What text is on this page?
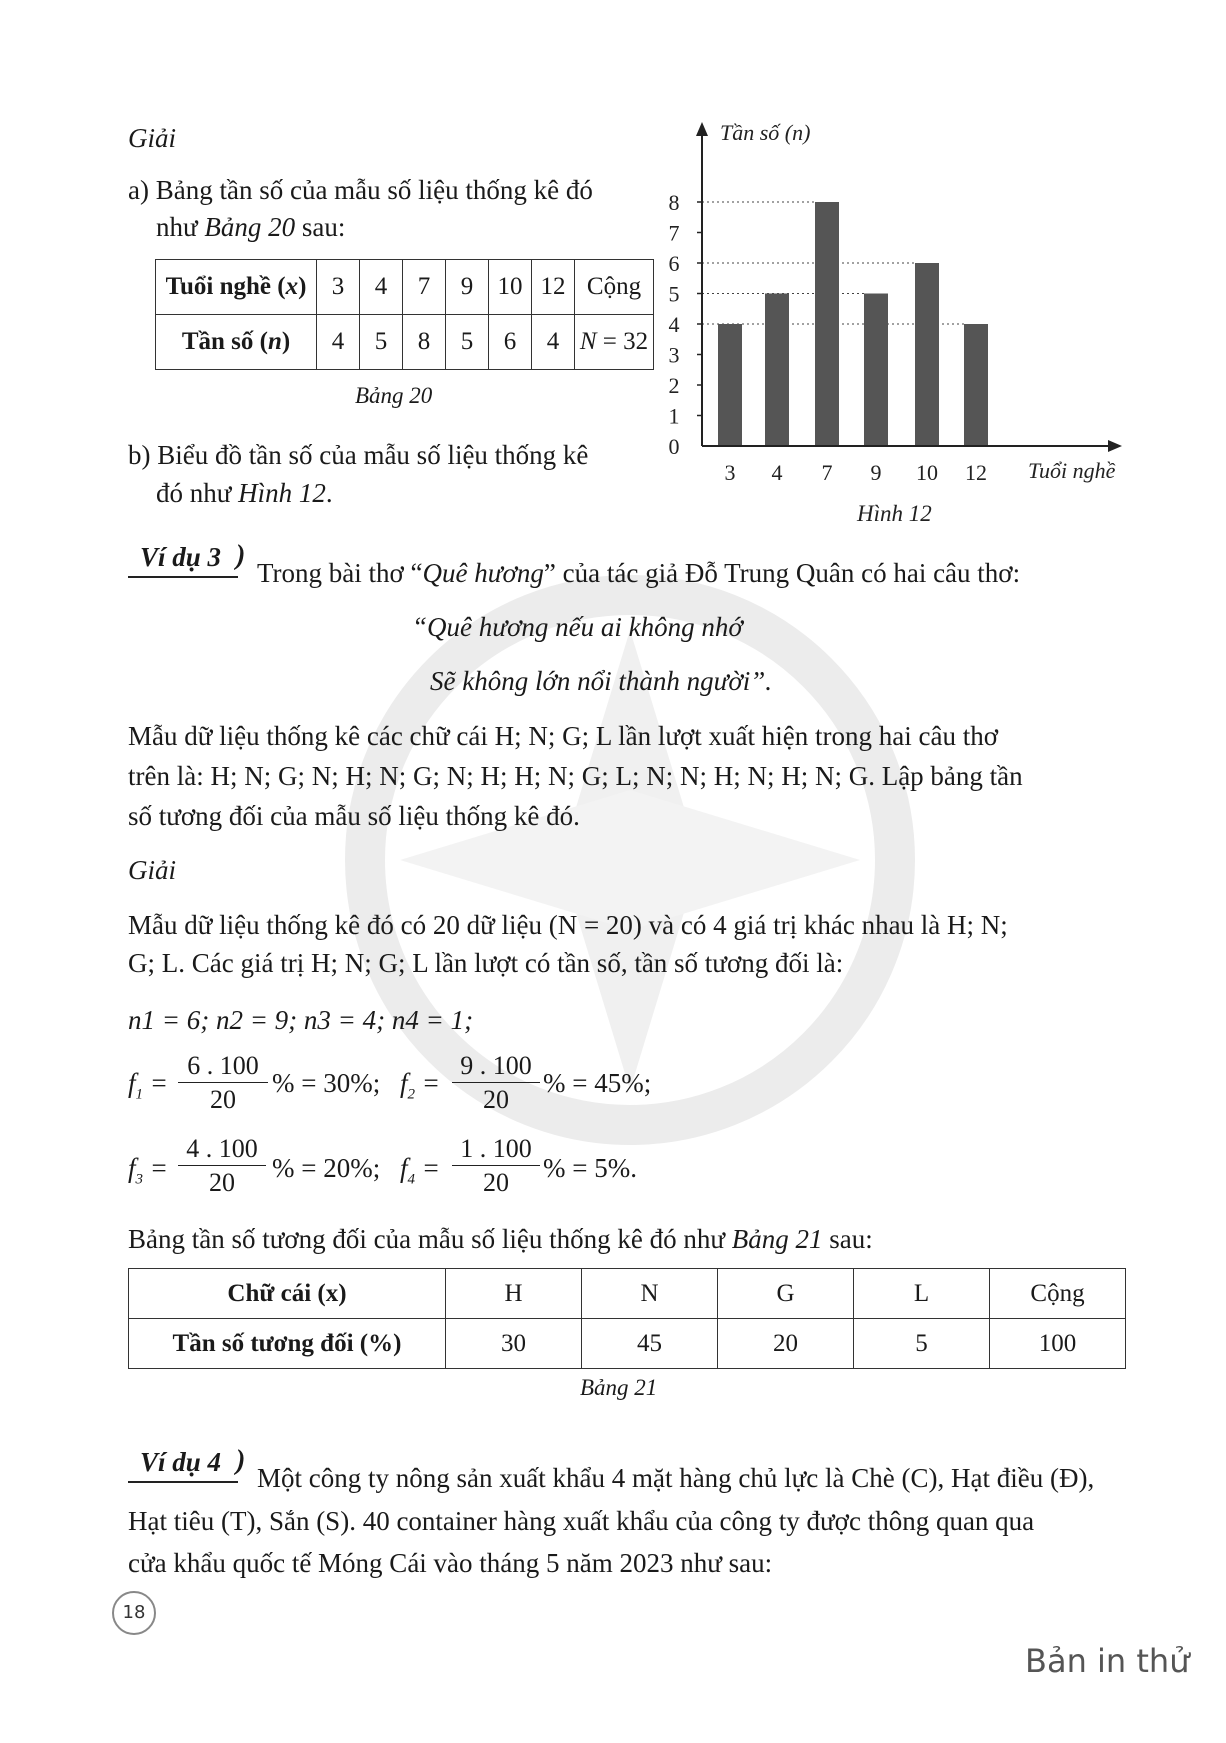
Giải
a) Bảng tần số của mẫu số liệu thống kê đó
như Bảng 20 sau:
Tuổi nghề (x)	3	4	7	9	10	12	Cộng
Tần số (n)	4	5	8	5	6	4	N = 32
Bảng 20
b) Biểu đồ tần số của mẫu số liệu thống kê
đó như Hình 12.
0
1
2
3
4
5
6
7
8
3 4 7 9 10 12
Tần số (n)
Tuổi nghề
Hình 12
Ví dụ 3 )
Trong bài thơ “Quê hương” của tác giả Đỗ Trung Quân có hai câu thơ:
“Quê hương nếu ai không nhớ
Sẽ không lớn nổi thành người”.
Mẫu dữ liệu thống kê các chữ cái H; N; G; L lần lượt xuất hiện trong hai câu thơ
trên là: H; N; G; N; H; N; G; N; H; H; N; G; L; N; N; H; N; H; N; G. Lập bảng tần
số tương đối của mẫu số liệu thống kê đó.
Giải
Mẫu dữ liệu thống kê đó có 20 dữ liệu (N = 20) và có 4 giá trị khác nhau là H; N;
G; L. Các giá trị H; N; G; L lần lượt có tần số, tần số tương đối là:
n1 = 6; n2 = 9; n3 = 4; n4 = 1;
$f_1$ =
6 . 100
20
% = 30%; $f_2$ =
9 . 100
20
% = 45%;
$f_3$ =
4 . 100
20	% = 20%; $f_4$ =
1 . 100
20	% = 5%.
Bảng tần số tương đối của mẫu số liệu thống kê đó như Bảng 21 sau:
Chữ cái (x)	H	N	G	L	Cộng
Tần số tương đối (%)	30	45	20	5	100
Bảng 21
Ví dụ 4 )
Một công ty nông sản xuất khẩu 4 mặt hàng chủ lực là Chè (C), Hạt điều (Đ),
Hạt tiêu (T), Sắn (S). 40 container hàng xuất khẩu của công ty được thông quan qua
cửa khẩu quốc tế Móng Cái vào tháng 5 năm 2023 như sau:
18
Bản in thử
